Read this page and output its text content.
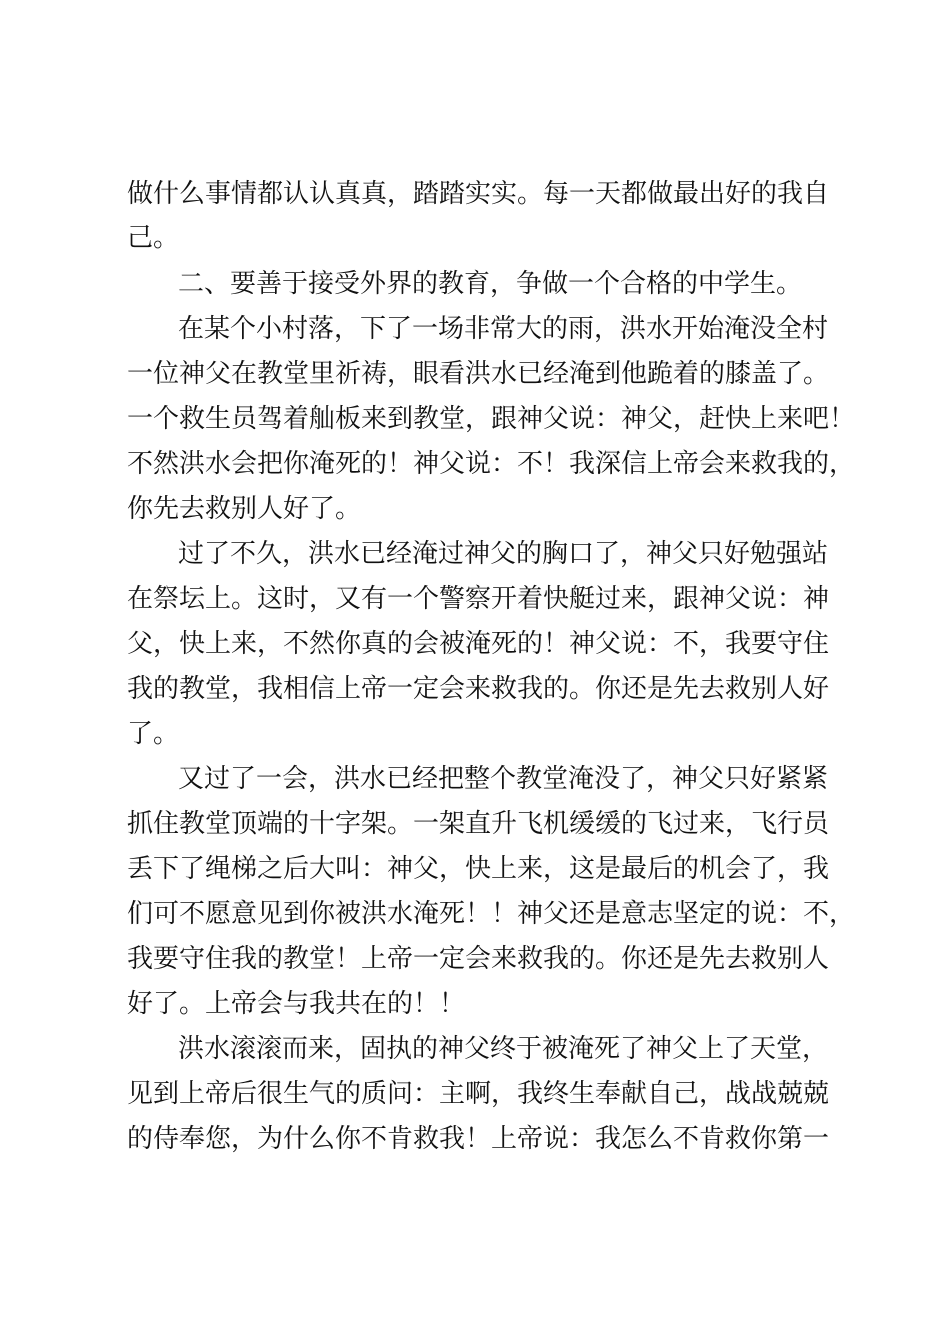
做什么事情都认认真真，踏踏实实。每一天都做最出好的我自

己。

二、要善于接受外界的教育，争做一个合格的中学生。

在某个小村落，下了一场非常大的雨，洪水开始淹没全村

一位神父在教堂里祈祷，眼看洪水已经淹到他跪着的膝盖了。

一个救生员驾着舢板来到教堂，跟神父说：神父，赶快上来吧！

不然洪水会把你淹死的！神父说：不！我深信上帝会来救我的，

你先去救别人好了。

过了不久，洪水已经淹过神父的胸口了，神父只好勉强站

在祭坛上。这时，又有一个警察开着快艇过来，跟神父说：神

父，快上来，不然你真的会被淹死的！神父说：不，我要守住

我的教堂，我相信上帝一定会来救我的。你还是先去救别人好

了。

又过了一会，洪水已经把整个教堂淹没了，神父只好紧紧

抓住教堂顶端的十字架。一架直升飞机缓缓的飞过来，飞行员

丢下了绳梯之后大叫：神父，快上来，这是最后的机会了，我

们可不愿意见到你被洪水淹死！！神父还是意志坚定的说：不，

我要守住我的教堂！上帝一定会来救我的。你还是先去救别人

好了。上帝会与我共在的！！

洪水滚滚而来，固执的神父终于被淹死了神父上了天堂，

见到上帝后很生气的质问：主啊，我终生奉献自己，战战兢兢

的侍奉您，为什么你不肯救我！上帝说：我怎么不肯救你第一
